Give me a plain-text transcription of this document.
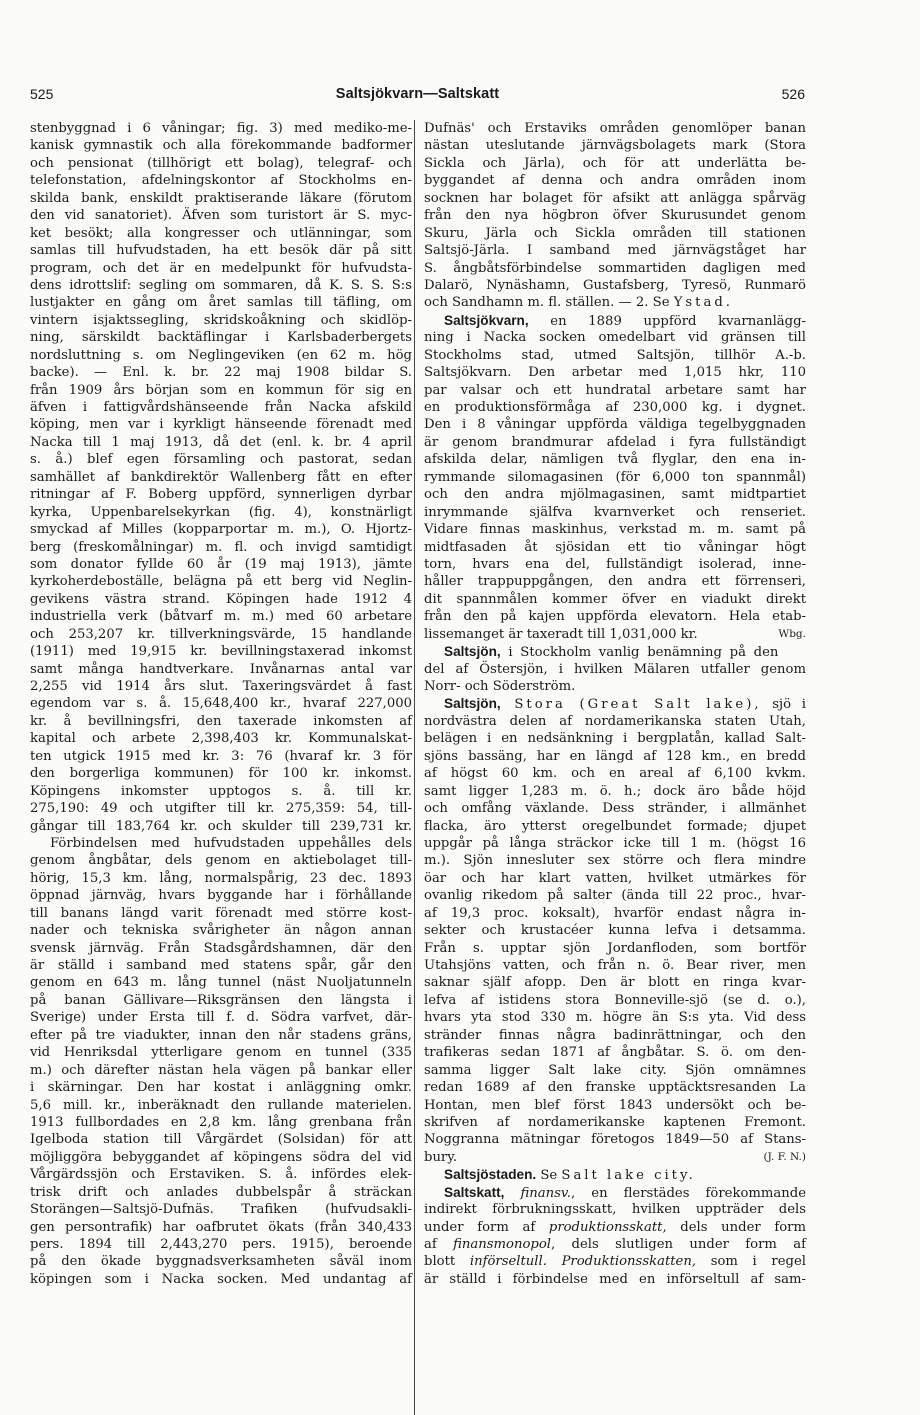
525	Saltsjökvarn—Saltskatt	526
stenbyggnad i 6 våningar; fig. 3) med mediko-me-
kanisk gymnastik och alla förekommande badformer
och pensionat (tillhörigt ett bolag), telegraf- och
telefonstation, afdelningskontor af Stockholms en-
skilda bank, enskildt praktiserande läkare (förutom
den vid sanatoriet). Äfven som turistort är S. myc-
ket besökt; alla kongresser och utlänningar, som
samlas till hufvudstaden, ha ett besök där på sitt
program, och det är en medelpunkt för hufvudsta-
dens idrottslif: segling om sommaren, då K. S. S. S:s
lustjakter en gång om året samlas till täfling, om
vintern isjaktssegling, skridskoåkning och skidlöp-
ning, särskildt backtäflingar i Karlsbaderbergets
nordsluttning s. om Neglingeviken (en 62 m. hög
backe). — Enl. k. br. 22 maj 1908 bildar S.
från 1909 års början som en kommun för sig en
äfven i fattigvårdshänseende från Nacka afskild
köping, men var i kyrkligt hänseende förenadt med
Nacka till 1 maj 1913, då det (enl. k. br. 4 april
s. å.) blef egen församling och pastorat, sedan
samhället af bankdirektör Wallenberg fått en efter
ritningar af F. Boberg uppförd, synnerligen dyrbar
kyrka, Uppenbarelsekyrkan (fig. 4), konstnärligt
smyckad af Milles (kopparportar m. m.), O. Hjortz-
berg (freskomålningar) m. fl. och invigd samtidigt
som donator fyllde 60 år (19 maj 1913), jämte
kyrkoherdeboställe, belägna på ett berg vid Neglin-
gevikens västra strand. Köpingen hade 1912 4
industriella verk (båtvarf m. m.) med 60 arbetare
och 253,207 kr. tillverkningsvärde, 15 handlande
(1911) med 19,915 kr. bevillningstaxerad inkomst
samt många handtverkare. Invånarnas antal var
2,255 vid 1914 års slut. Taxeringsvärdet å fast
egendom var s. å. 15,648,400 kr., hvaraf 227,000
kr. å bevillningsfri, den taxerade inkomsten af
kapital och arbete 2,398,403 kr. Kommunalskat-
ten utgick 1915 med kr. 3: 76 (hvaraf kr. 3 för
den borgerliga kommunen) för 100 kr. inkomst.
Köpingens inkomster upptogos s. å. till kr.
275,190: 49 och utgifter till kr. 275,359: 54, till-
gångar till 183,764 kr. och skulder till 239,731 kr.
Förbindelsen med hufvudstaden uppehålles dels
genom ångbåtar, dels genom en aktiebolaget till-
hörig, 15,3 km. lång, normalspårig, 23 dec. 1893
öppnad järnväg, hvars byggande har i förhållande
till banans längd varit förenadt med större kost-
nader och tekniska svårigheter än någon annan
svensk järnväg. Från Stadsgårdshamnen, där den
är ställd i samband med statens spår, går den
genom en 643 m. lång tunnel (näst Nuoljatunneln
på banan Gällivare—Riksgränsen den längsta i
Sverige) under Ersta till f. d. Södra varfvet, där-
efter på tre viadukter, innan den når stadens gräns,
vid Henriksdal ytterligare genom en tunnel (335
m.) och därefter nästan hela vägen på bankar eller
i skärningar. Den har kostat i anläggning omkr.
5,6 mill. kr., inberäknadt den rullande materielen.
1913 fullbordades en 2,8 km. lång grenbana från
Igelboda station till Vårgärdet (Solsidan) för att
möjliggöra bebyggandet af köpingens södra del vid
Vårgärdssjön och Erstaviken. S. å. infördes elek-
trisk drift och anlades dubbelspår å sträckan
Storängen—Saltsjö-Dufnäs. Trafiken (hufvudsakli-
gen persontrafik) har oafbrutet ökats (från 340,433
pers. 1894 till 2,443,270 pers. 1915), beroende
på den ökade byggnadsverksamheten såväl inom
köpingen som i Nacka socken. Med undantag af
Dufnäs' och Erstaviks områden genomlöper banan
nästan uteslutande järnvägsbolagets mark (Stora
Sickla och Järla), och för att underlätta be-
byggandet af denna och andra områden inom
socknen har bolaget för afsikt att anlägga spårväg
från den nya högbron öfver Skurusundet genom
Skuru, Järla och Sickla områden till stationen
Saltsjö-Järla. I samband med järnvägståget har
S. ångbåtsförbindelse sommartiden dagligen med
Dalarö, Nynäshamn, Gustafsberg, Tyresö, Runmarö
och Sandhamn m. fl. ställen. — 2. Se Ystad.
Saltsjökvarn, en 1889 uppförd kvarnanlägg-
ning i Nacka socken omedelbart vid gränsen till
Stockholms stad, utmed Saltsjön, tillhör A.-b.
Saltsjökvarn. Den arbetar med 1,015 hkr, 110
par valsar och ett hundratal arbetare samt har
en produktionsförmåga af 230,000 kg. i dygnet.
Den i 8 våningar uppförda väldiga tegelbyggnaden
är genom brandmurar afdelad i fyra fullständigt
afskilda delar, nämligen två flyglar, den ena in-
rymmande silomagasinen (för 6,000 ton spannmål)
och den andra mjölmagasinen, samt midtpartiet
inrymmande själfva kvarnverket och renseriet.
Vidare finnas maskinhus, verkstad m. m. samt på
midtfasaden åt sjösidan ett tio våningar högt
torn, hvars ena del, fullständigt isolerad, inne-
håller trappuppgången, den andra ett förrenseri,
dit spannmålen kommer öfver en viadukt direkt
från den på kajen uppförda elevatorn. Hela etab-
lissemanget är taxeradt till 1,031,000 kr.	Wbg.
Saltsjön, i Stockholm vanlig benämning på den
del af Östersjön, i hvilken Mälaren utfaller genom
Norr- och Söderström.
Saltsjön, Stora (Great Salt lake), sjö i
nordvästra delen af nordamerikanska staten Utah,
belägen i en nedsänkning i bergplatån, kallad Salt-
sjöns bassäng, har en längd af 128 km., en bredd
af högst 60 km. och en areal af 6,100 kvkm.
samt ligger 1,283 m. ö. h.; dock äro både höjd
och omfång växlande. Dess stränder, i allmänhet
flacka, äro ytterst oregelbundet formade; djupet
uppgår på långa sträckor icke till 1 m. (högst 16
m.). Sjön innesluter sex större och flera mindre
öar och har klart vatten, hvilket utmärkes för
ovanlig rikedom på salter (ända till 22 proc., hvar-
af 19,3 proc. koksalt), hvarför endast några in-
sekter och krustacéer kunna lefva i detsamma.
Från s. upptar sjön Jordanfloden, som bortför
Utahsjöns vatten, och från n. ö. Bear river, men
saknar själf afopp. Den är blott en ringa kvar-
lefva af istidens stora Bonneville-sjö (se d. o.),
hvars yta stod 330 m. högre än S:s yta. Vid dess
stränder finnas några badinrättningar, och den
trafikeras sedan 1871 af ångbåtar. S. ö. om den-
samma ligger Salt lake city. Sjön omnämnes
redan 1689 af den franske upptäcktsresanden La
Hontan, men blef först 1843 undersökt och be-
skrifven af nordamerikanske kaptenen Fremont.
Noggranna mätningar företogos 1849—50 af Stans-
bury.	(J. F. N.)
Saltsjöstaden. Se Salt lake city.
Saltskatt, finansv., en flerstädes förekommande
indirekt förbrukningsskatt, hvilken uppträder dels
under form af produktionsskatt, dels under form
af finansmonopol, dels slutligen under form af
blott införseltull. Produktionsskatten, som i regel
är ställd i förbindelse med en införseltull af sam-
